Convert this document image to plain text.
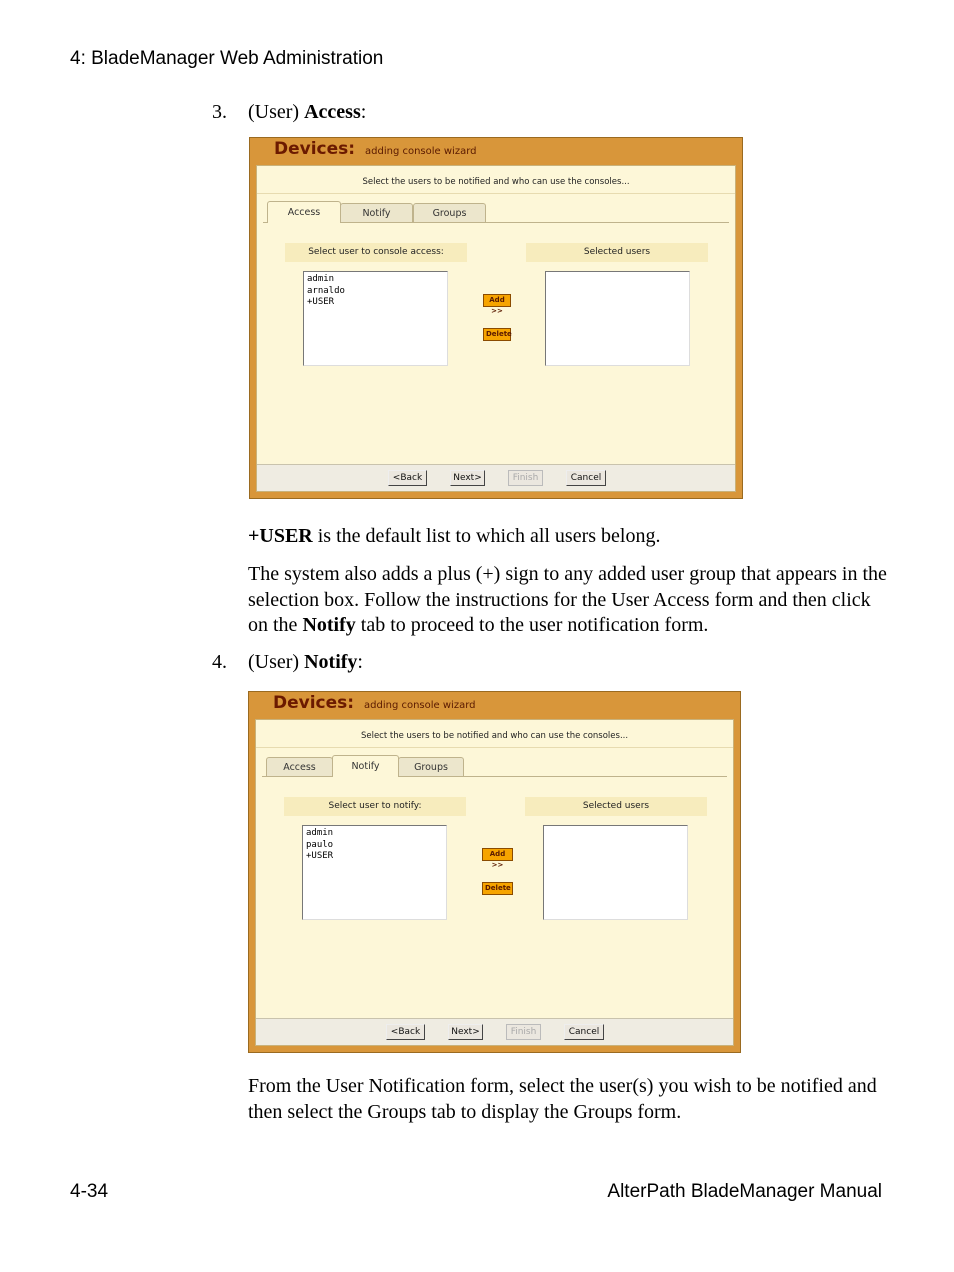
4: BladeManager Web Administration
3. (User) Access:
Devices: adding console wizard
Select the users to be notified and who can use the consoles...
Access	Notify	Groups
Select user to console access:	Selected users
admin
arnaldo
+USER	Add >>
Delete
<Back	Next>	Finish	Cancel
+USER is the default list to which all users belong.
The system also adds a plus (+) sign to any added user group that appears in the selection box. Follow the instructions for the User Access form and then click on the Notify tab to proceed to the user notification form.
4. (User) Notify:
Devices: adding console wizard
Select the users to be notified and who can use the consoles...
Access	Notify	Groups
Select user to notify:	Selected users
admin
paulo
+USER	Add >>
Delete
<Back	Next>	Finish	Cancel
From the User Notification form, select the user(s) you wish to be notified and then select the Groups tab to display the Groups form.
4-34	AlterPath BladeManager Manual
